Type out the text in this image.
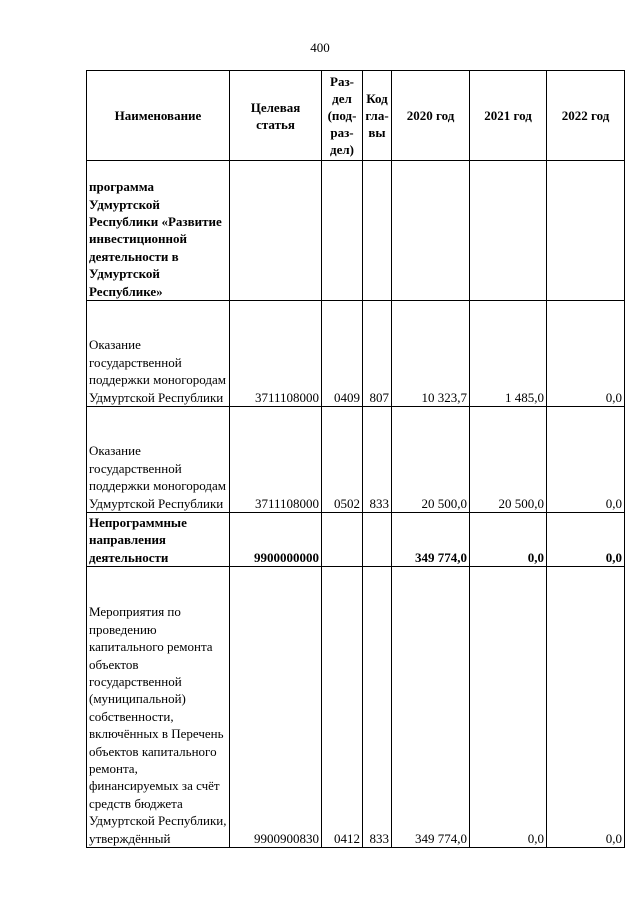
400
Наименование	Целевая статья	Раз-дел (под-раз-дел)	Код гла-вы	2020 год	2021 год	2022 год
программа Удмуртской Республики «Развитие инвестиционной деятельности в Удмуртской Республике»						
Оказание государственной поддержки моногородам Удмуртской Республики	3711108000	0409	807	10 323,7	1 485,0	0,0
Оказание государственной поддержки моногородам Удмуртской Республики	3711108000	0502	833	20 500,0	20 500,0	0,0
Непрограммные направления деятельности	9900000000			349 774,0	0,0	0,0
Мероприятия по проведению капитального ремонта объектов государственной (муниципальной) собственности, включённых в Перечень объектов капитального ремонта, финансируемых за счёт средств бюджета Удмуртской Республики, утверждённый	9900900830	0412	833	349 774,0	0,0	0,0
